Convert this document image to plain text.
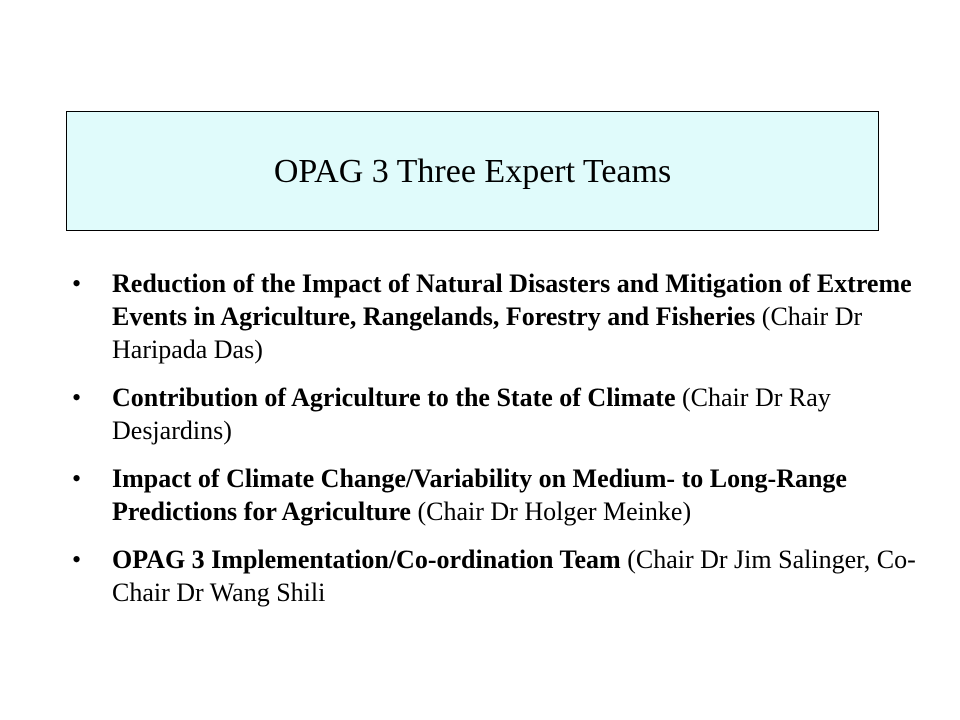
OPAG 3 Three Expert Teams
•	Reduction of the Impact of Natural Disasters and Mitigation of Extreme Events in Agriculture, Rangelands, Forestry and Fisheries (Chair Dr Haripada Das)
•	Contribution of Agriculture to the State of Climate (Chair Dr Ray Desjardins)
•	Impact of Climate Change/Variability on Medium- to Long-Range Predictions for Agriculture (Chair Dr Holger Meinke)
•	OPAG 3 Implementation/Co-ordination Team (Chair Dr Jim Salinger, Co-Chair Dr Wang Shili
